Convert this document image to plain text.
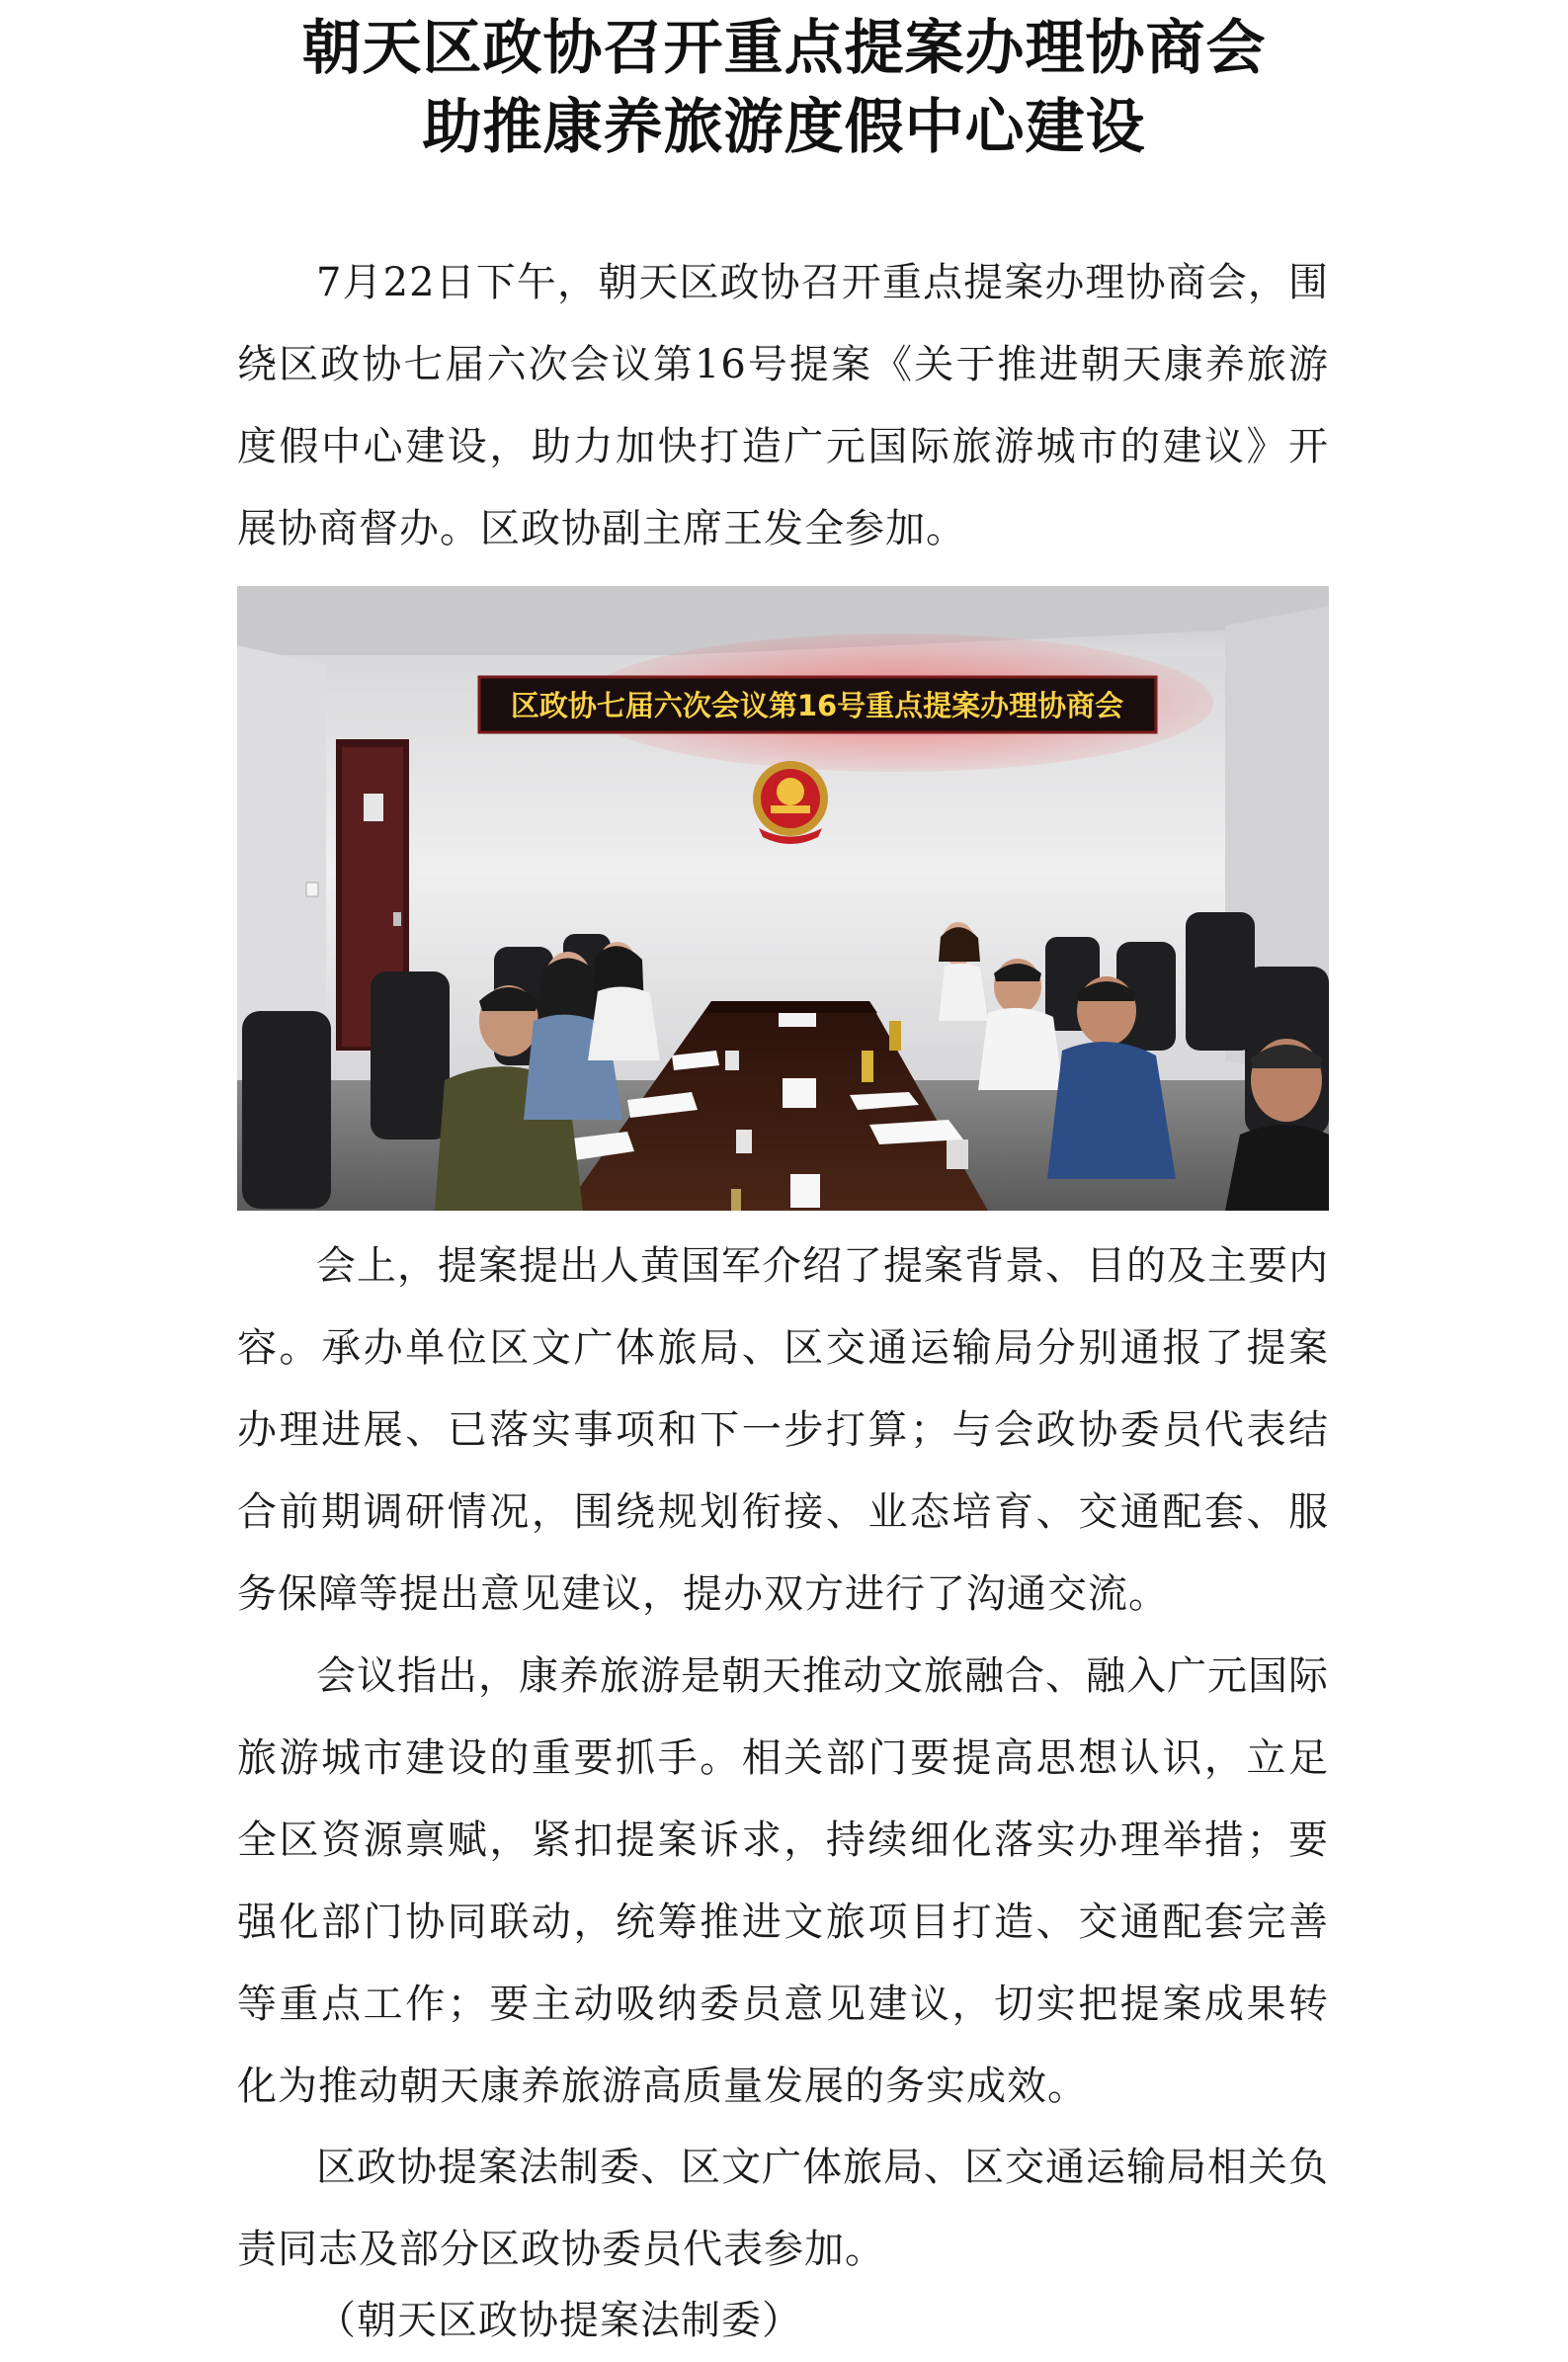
朝天区政协召开重点提案办理协商会
助推康养旅游度假中心建设

7月22日下午，朝天区政协召开重点提案办理协商会，围绕区政协七届六次会议第16号提案《关于推进朝天康养旅游度假中心建设，助力加快打造广元国际旅游城市的建议》开展协商督办。区政协副主席王发全参加。

区政协七届六次会议第16号重点提案办理协商会

会上，提案提出人黄国军介绍了提案背景、目的及主要内容。承办单位区文广体旅局、区交通运输局分别通报了提案办理进展、已落实事项和下一步打算；与会政协委员代表结合前期调研情况，围绕规划衔接、业态培育、交通配套、服务保障等提出意见建议，提办双方进行了沟通交流。

会议指出，康养旅游是朝天推动文旅融合、融入广元国际旅游城市建设的重要抓手。相关部门要提高思想认识，立足全区资源禀赋，紧扣提案诉求，持续细化落实办理举措；要强化部门协同联动，统筹推进文旅项目打造、交通配套完善等重点工作；要主动吸纳委员意见建议，切实把提案成果转化为推动朝天康养旅游高质量发展的务实成效。

区政协提案法制委、区文广体旅局、区交通运输局相关负责同志及部分区政协委员代表参加。

（朝天区政协提案法制委）
